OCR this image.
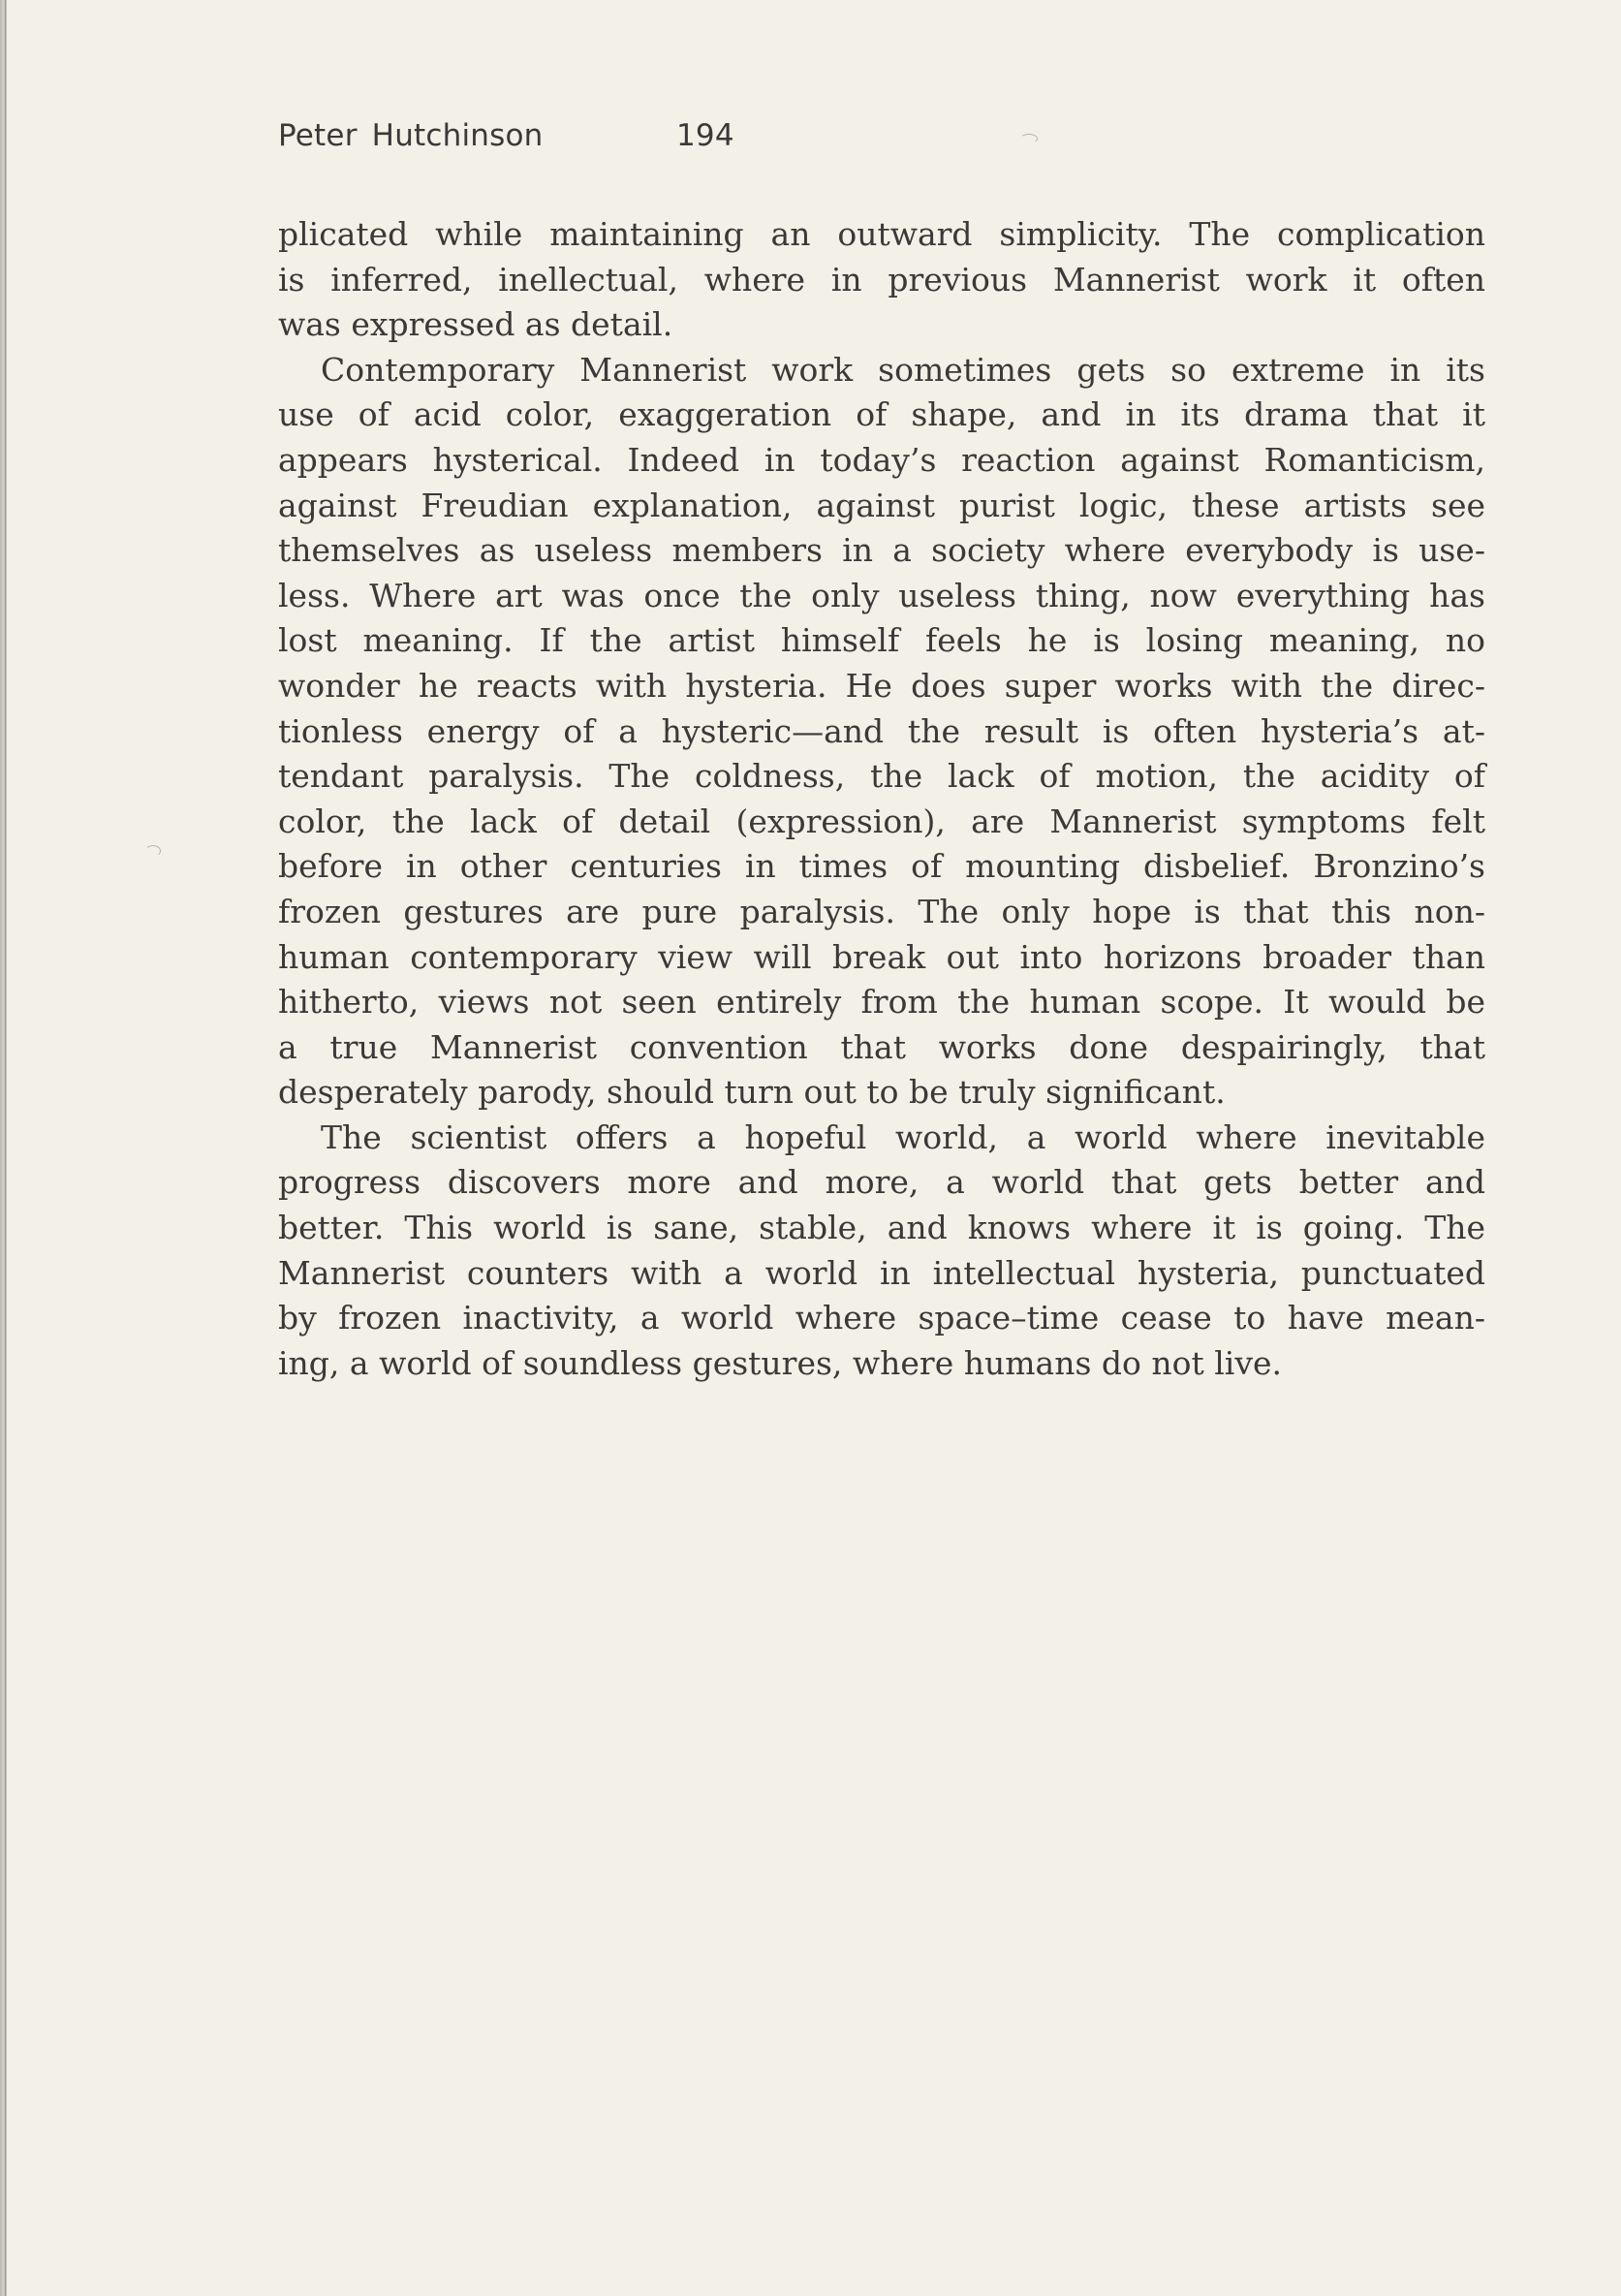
Peter Hutchinson	194
plicated while maintaining an outward simplicity. The complication
is inferred, inellectual, where in previous Mannerist work it often
was expressed as detail.
Contemporary Mannerist work sometimes gets so extreme in its
use of acid color, exaggeration of shape, and in its drama that it
appears hysterical. Indeed in today’s reaction against Romanticism,
against Freudian explanation, against purist logic, these artists see
themselves as useless members in a society where everybody is use-
less. Where art was once the only useless thing, now everything has
lost meaning. If the artist himself feels he is losing meaning, no
wonder he reacts with hysteria. He does super works with the direc-
tionless energy of a hysteric—and the result is often hysteria’s at-
tendant paralysis. The coldness, the lack of motion, the acidity of
color, the lack of detail (expression), are Mannerist symptoms felt
before in other centuries in times of mounting disbelief. Bronzino’s
frozen gestures are pure paralysis. The only hope is that this non-
human contemporary view will break out into horizons broader than
hitherto, views not seen entirely from the human scope. It would be
a true Mannerist convention that works done despairingly, that
desperately parody, should turn out to be truly significant.
The scientist offers a hopeful world, a world where inevitable
progress discovers more and more, a world that gets better and
better. This world is sane, stable, and knows where it is going. The
Mannerist counters with a world in intellectual hysteria, punctuated
by frozen inactivity, a world where space–time cease to have mean-
ing, a world of soundless gestures, where humans do not live.
